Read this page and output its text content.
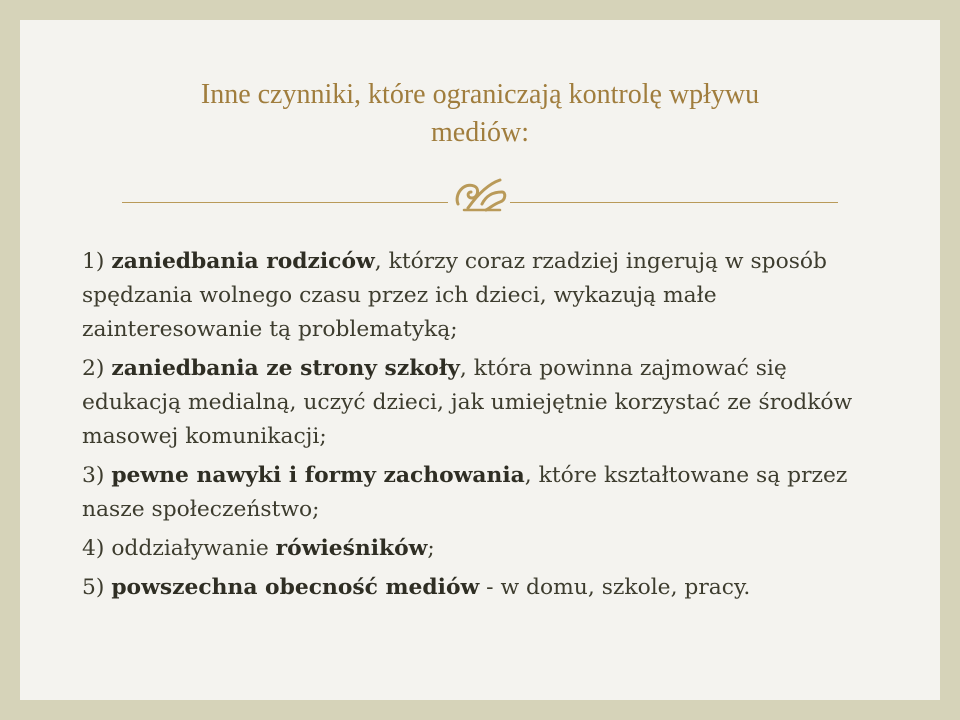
Inne czynniki, które ograniczają kontrolę wpływu
mediów:
1) zaniedbania rodziców, którzy coraz rzadziej ingerują w sposób spędzania wolnego czasu przez ich dzieci, wykazują małe zainteresowanie tą problematyką;
2) zaniedbania ze strony szkoły, która powinna zajmować się edukacją medialną, uczyć dzieci, jak umiejętnie korzystać ze środków masowej komunikacji;
3) pewne nawyki i formy zachowania, które kształtowane są przez nasze społeczeństwo;
4) oddziaływanie rówieśników;
5) powszechna obecność mediów - w domu, szkole, pracy.
